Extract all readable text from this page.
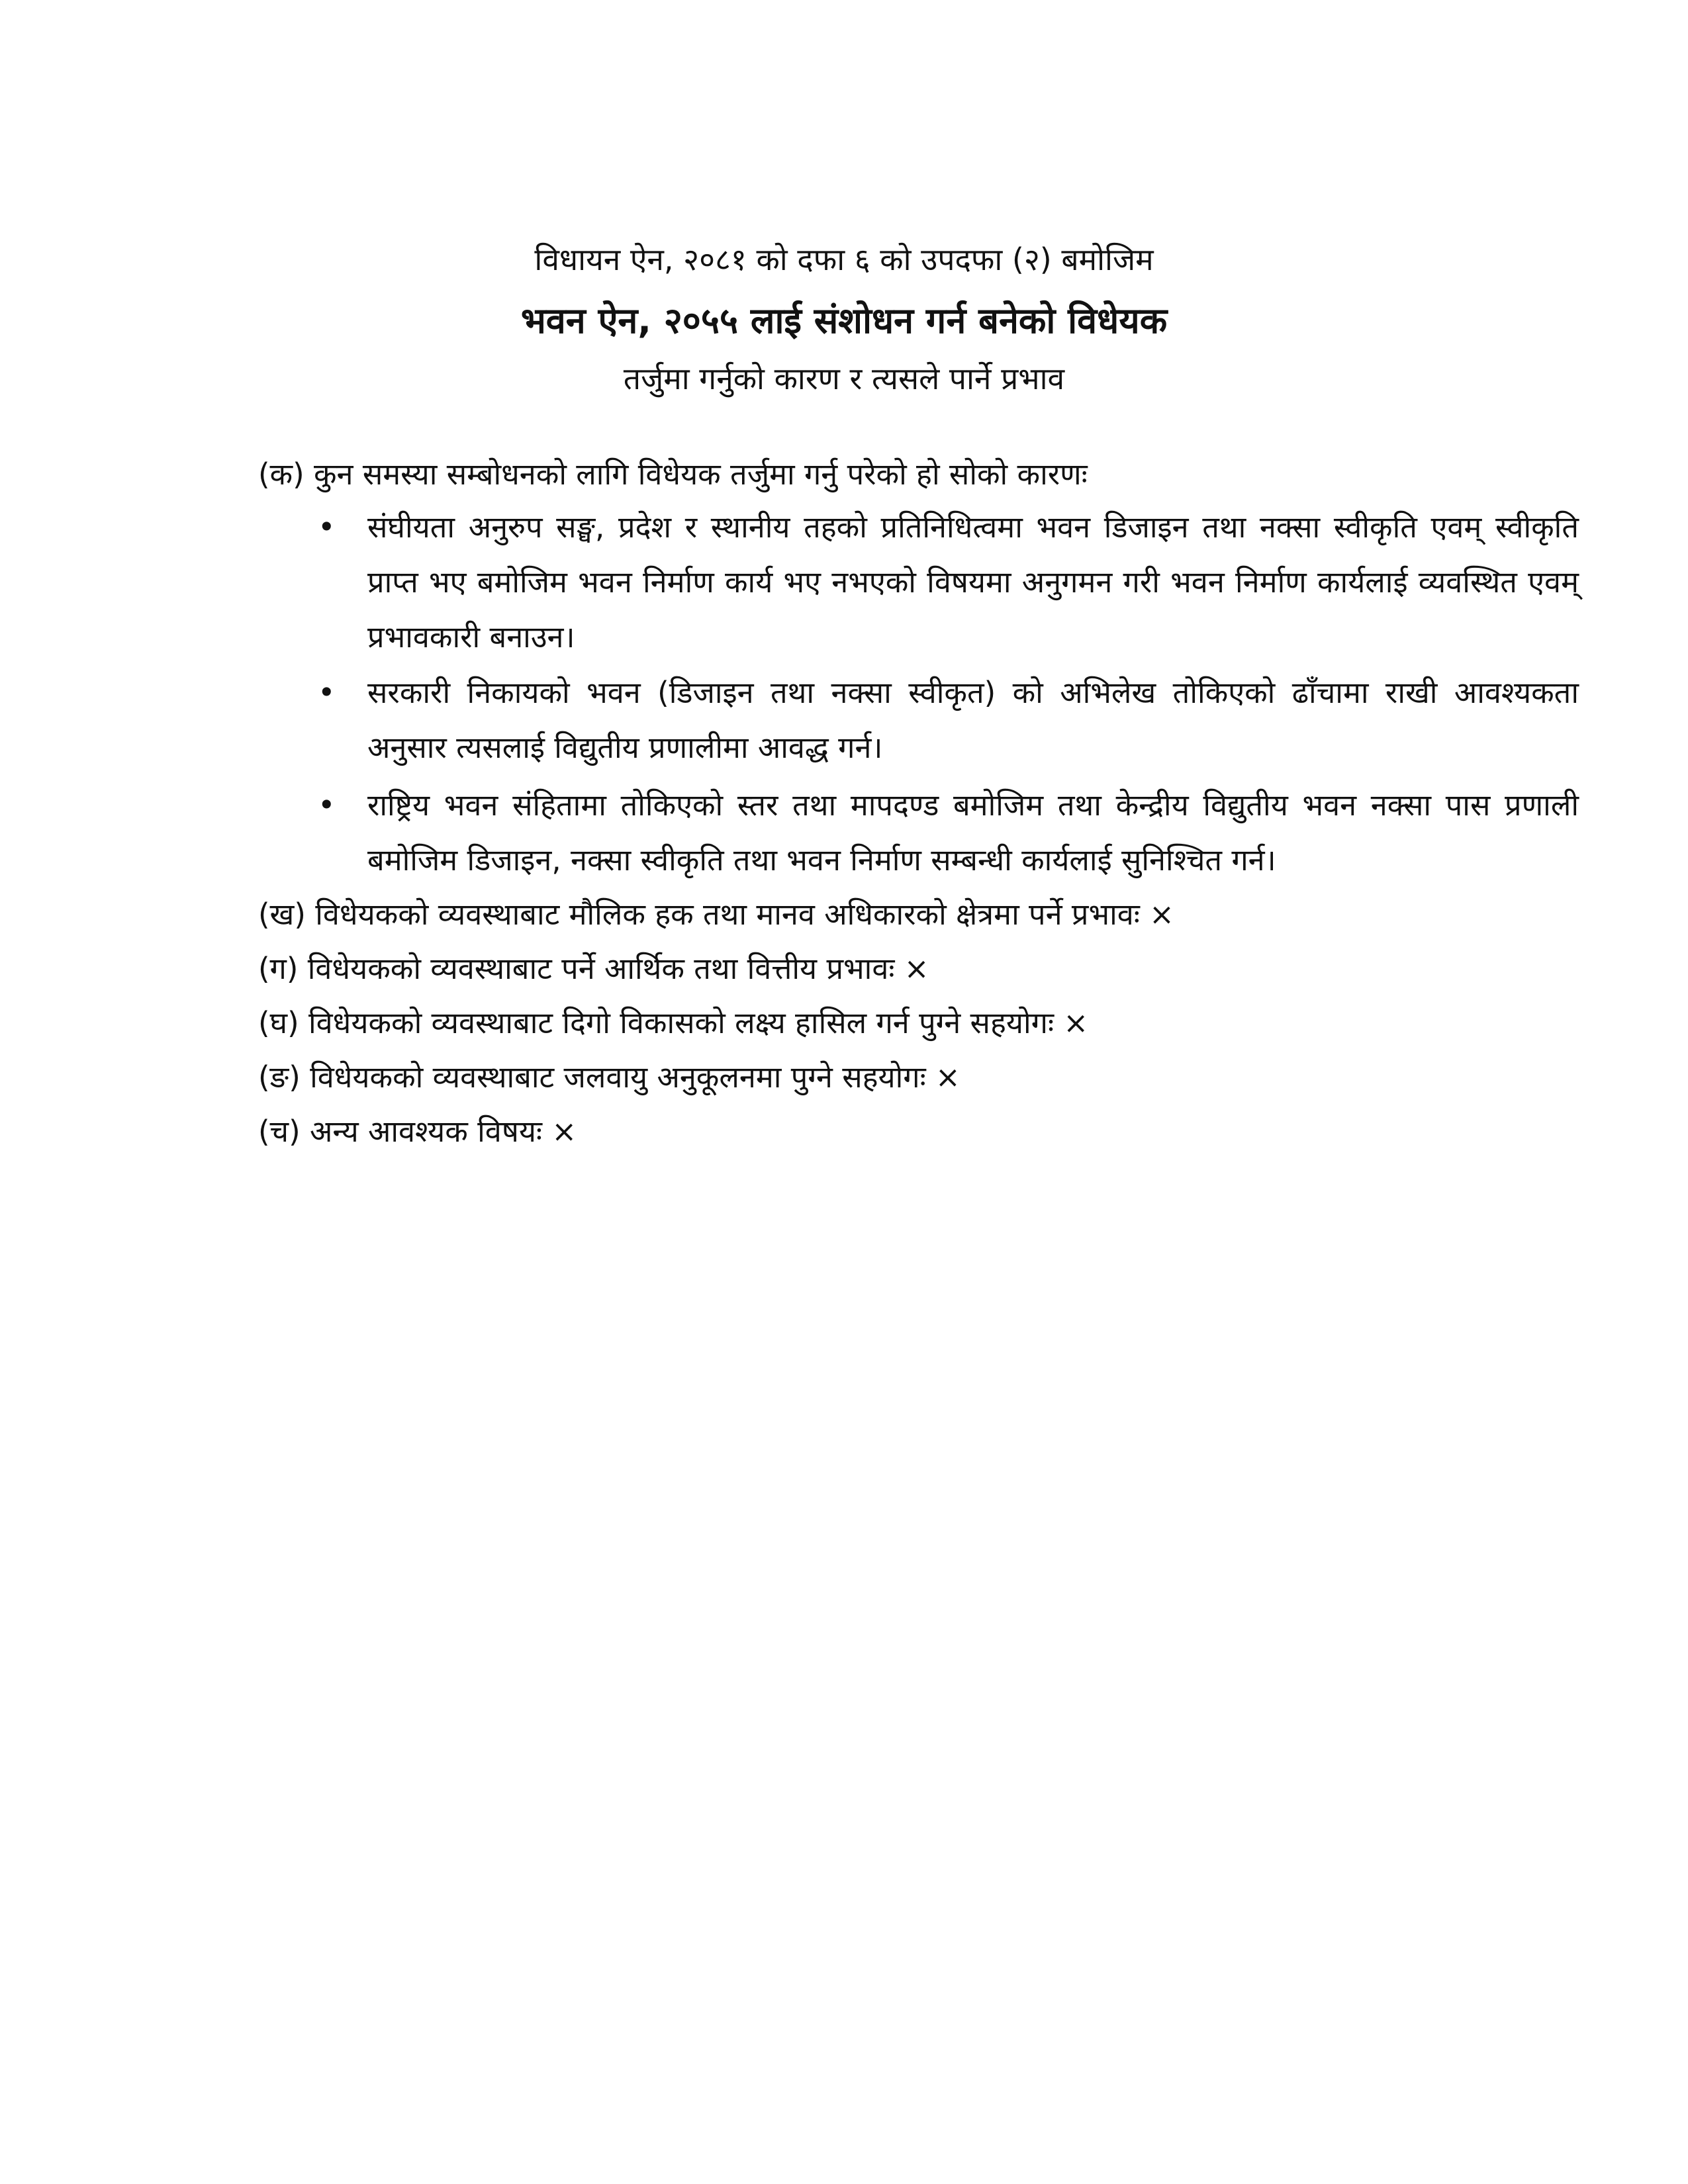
विधायन ऐन, २०८१ को दफा ६ को उपदफा (२) बमोजिम
भवन ऐन, २०५५ लाई संशोधन गर्न बनेको विधेयक
तर्जुमा गर्नुको कारण र त्यसले पार्ने प्रभाव
(क) कुन समस्या सम्बोधनको लागि विधेयक तर्जुमा गर्नु परेको हो सोको कारणः
• संघीयता अनुरुप सङ्घ, प्रदेश र स्थानीय तहको प्रतिनिधित्वमा भवन डिजाइन तथा नक्सा स्वीकृति एवम् स्वीकृति प्राप्त भए बमोजिम भवन निर्माण कार्य भए नभएको विषयमा अनुगमन गरी भवन निर्माण कार्यलाई व्यवस्थित एवम् प्रभावकारी बनाउन।
• सरकारी निकायको भवन (डिजाइन तथा नक्सा स्वीकृत) को अभिलेख तोकिएको ढाँचामा राखी आवश्यकता अनुसार त्यसलाई विद्युतीय प्रणालीमा आवद्ध गर्न।
• राष्ट्रिय भवन संहितामा तोकिएको स्तर तथा मापदण्ड बमोजिम तथा केन्द्रीय विद्युतीय भवन नक्सा पास प्रणाली बमोजिम डिजाइन, नक्सा स्वीकृति तथा भवन निर्माण सम्बन्धी कार्यलाई सुनिश्चित गर्न।
(ख) विधेयकको व्यवस्थाबाट मौलिक हक तथा मानव अधिकारको क्षेत्रमा पर्ने प्रभावः ×
(ग) विधेयकको व्यवस्थाबाट पर्ने आर्थिक तथा वित्तीय प्रभावः ×
(घ) विधेयकको व्यवस्थाबाट दिगो विकासको लक्ष्य हासिल गर्न पुग्ने सहयोगः ×
(ङ) विधेयकको व्यवस्थाबाट जलवायु अनुकूलनमा पुग्ने सहयोगः ×
(च) अन्य आवश्यक विषयः ×
